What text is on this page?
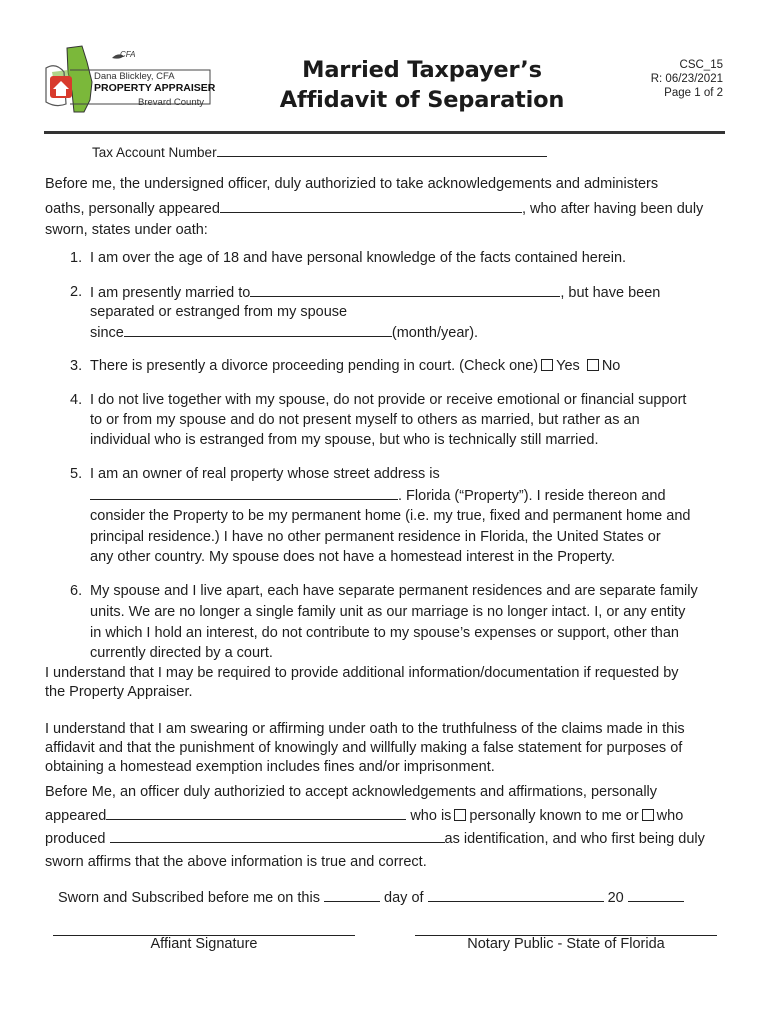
Dana Blickley, CFA
CFA
PROPERTY APPRAISER
Brevard County
Married Taxpayer’s
Affidavit of Separation
CSC_15
R: 06/23/2021
Page 1 of 2
Tax Account Number
Before me, the undersigned officer, duly authorizied to take acknowledgements and administers
oaths, personally appeared	, who after having been duly
sworn, states under oath:
1. I am over the age of 18 and have personal knowledge of the facts contained herein.
2. I am presently married to	, but have been
separated or estranged from my spouse
since	(month/year).
3. There is presently a divorce proceeding pending in court. (Check one) Yes No
4. I do not live together with my spouse, do not provide or receive emotional or financial support
to or from my spouse and do not present myself to others as married, but rather as an
individual who is estranged from my spouse, but who is technically still married.
5. I am an owner of real property whose street address is
. Florida (“Property”). I reside thereon and
consider the Property to be my permanent home (i.e. my true, fixed and permanent home and
principal residence.) I have no other permanent residence in Florida, the United States or
any other country. My spouse does not have a homestead interest in the Property.
6. My spouse and I live apart, each have separate permanent residences and are separate family
units. We are no longer a single family unit as our marriage is no longer intact. I, or any entity
in which I hold an interest, do not contribute to my spouse’s expenses or support, other than
currently directed by a court.
I understand that I may be required to provide additional information/documentation if requested by
the Property Appraiser.
I understand that I am swearing or affirming under oath to the truthfulness of the claims made in this
affidavit and that the punishment of knowingly and willfully making a false statement for purposes of
obtaining a homestead exemption includes fines and/or imprisonment.
Before Me, an officer duly authorizied to accept acknowledgements and affirmations, personally
appeared	who is personally known to me or who
produced	as identification, and who first being duly
sworn affirms that the above information is true and correct.
Sworn and Subscribed before me on this	day of	20
Affiant Signature	Notary Public - State of Florida
